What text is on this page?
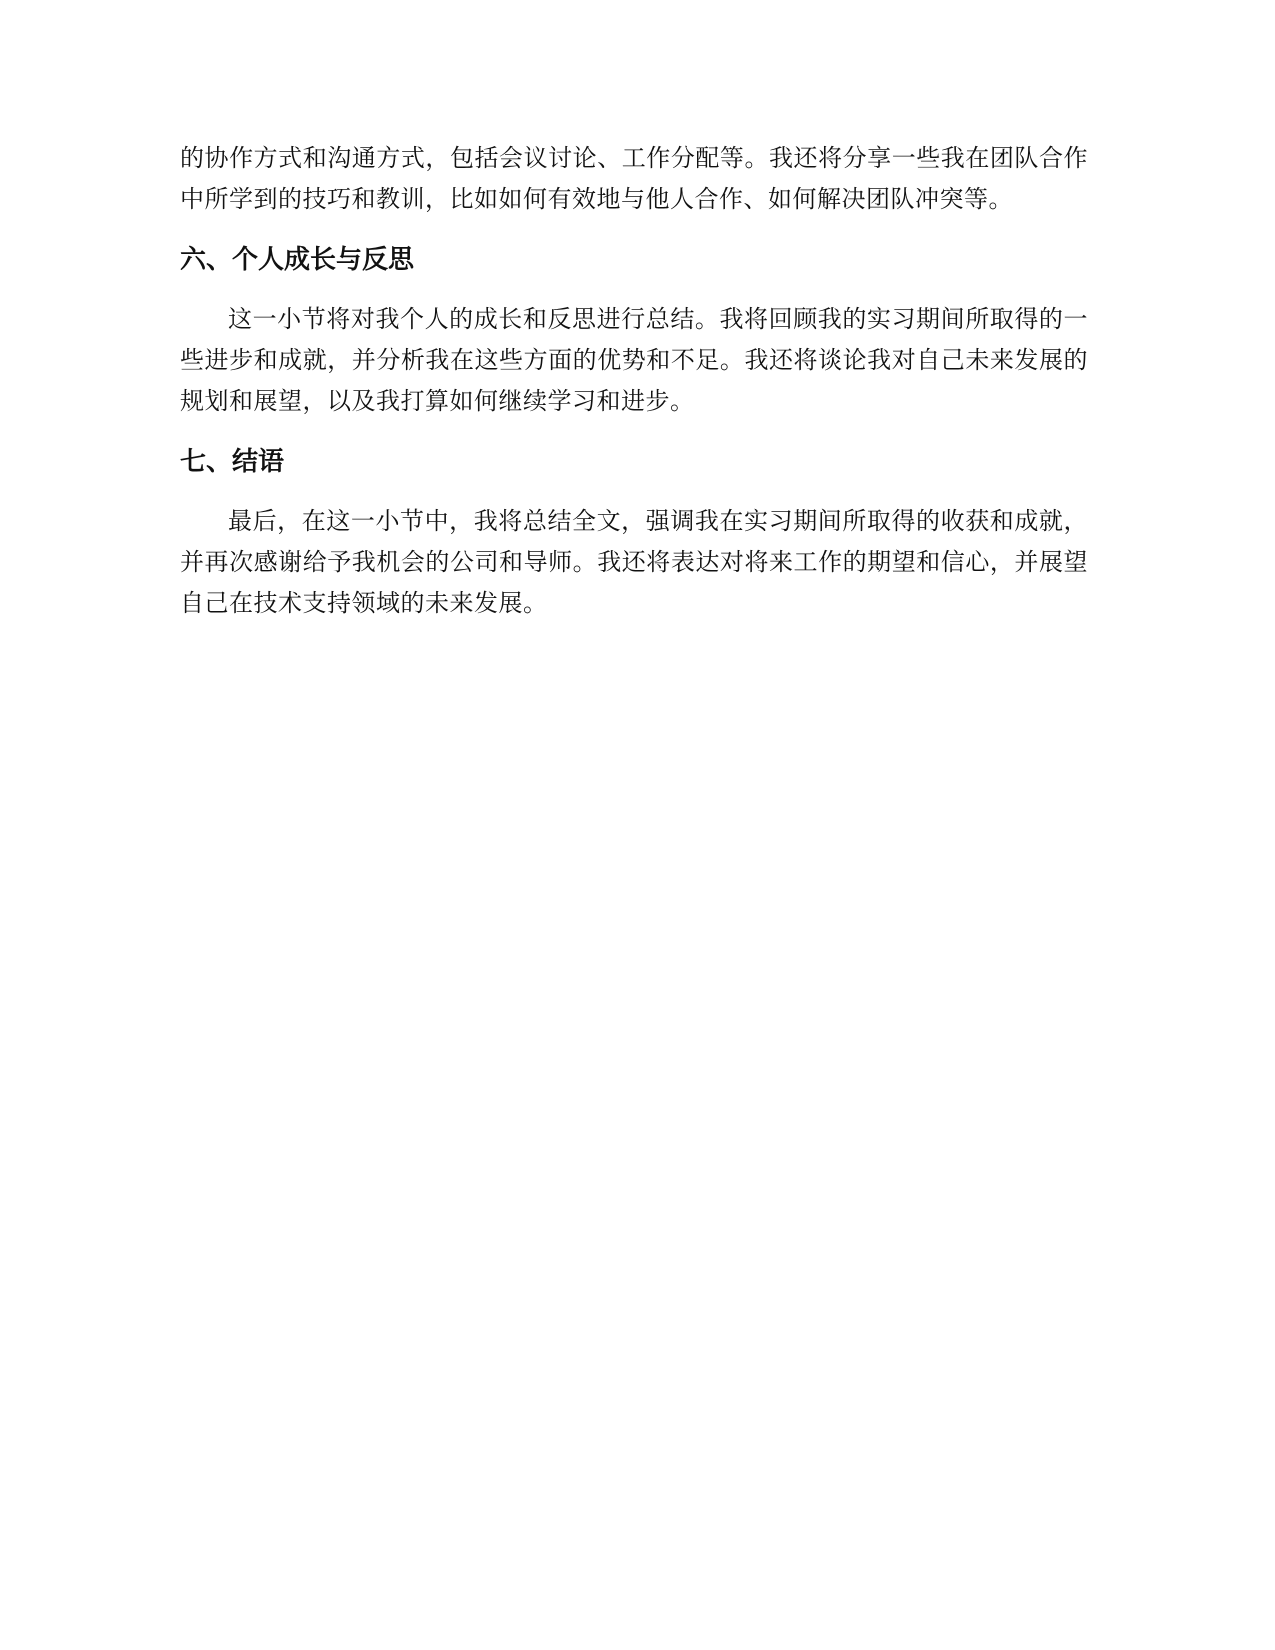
的协作方式和沟通方式，包括会议讨论、工作分配等。我还将分享一些我在团队合作中所学到的技巧和教训，比如如何有效地与他人合作、如何解决团队冲突等。

六、个人成长与反思

这一小节将对我个人的成长和反思进行总结。我将回顾我的实习期间所取得的一些进步和成就，并分析我在这些方面的优势和不足。我还将谈论我对自己未来发展的规划和展望，以及我打算如何继续学习和进步。

七、结语

最后，在这一小节中，我将总结全文，强调我在实习期间所取得的收获和成就，并再次感谢给予我机会的公司和导师。我还将表达对将来工作的期望和信心，并展望自己在技术支持领域的未来发展。
